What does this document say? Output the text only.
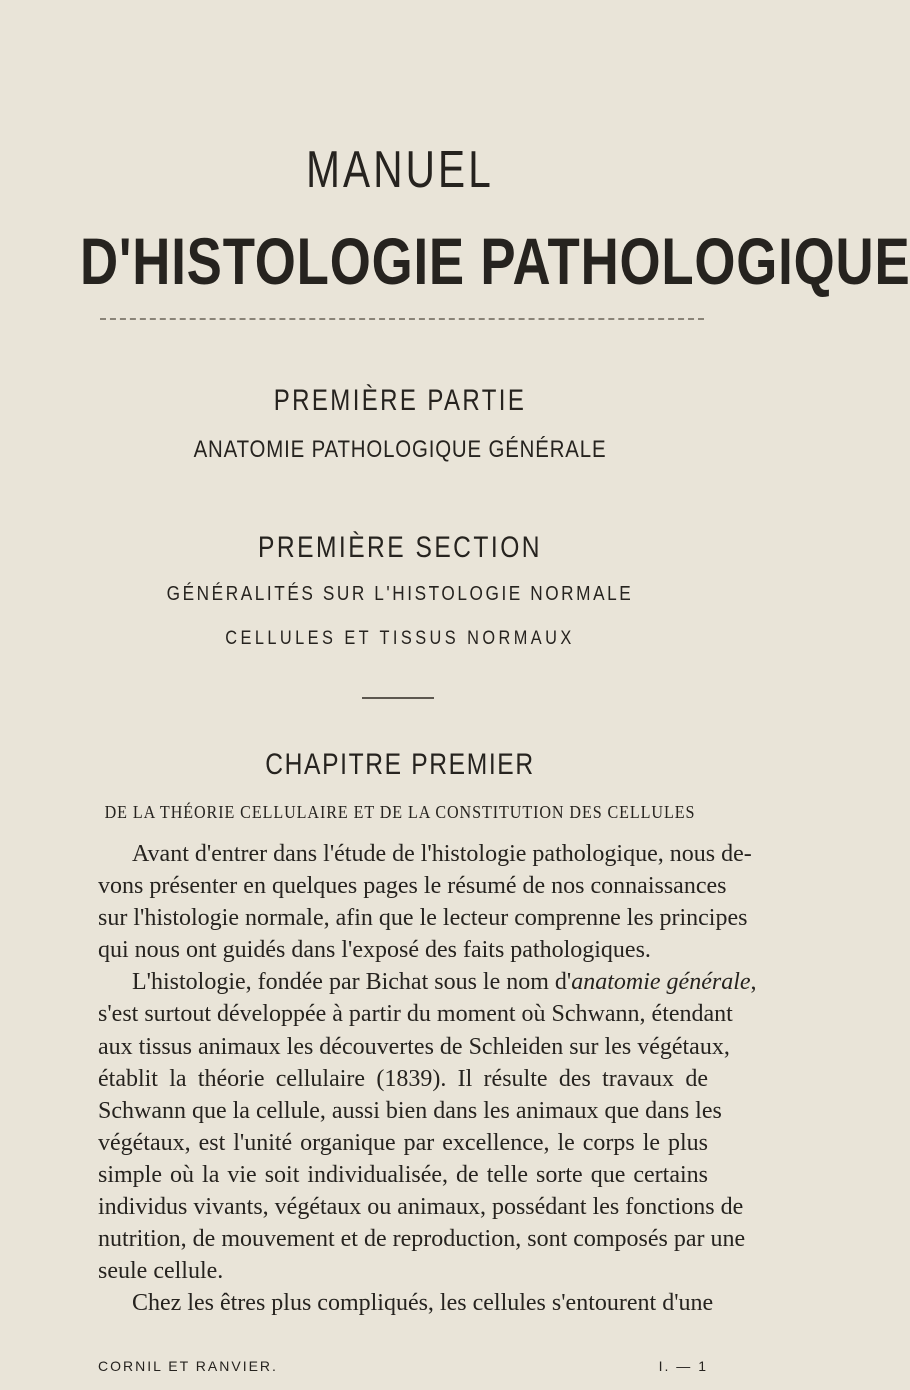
MANUEL
D'HISTOLOGIE PATHOLOGIQUE
PREMIÈRE PARTIE
ANATOMIE PATHOLOGIQUE GÉNÉRALE
PREMIÈRE SECTION
GÉNÉRALITÉS SUR L'HISTOLOGIE NORMALE
CELLULES ET TISSUS NORMAUX
CHAPITRE PREMIER
DE LA THÉORIE CELLULAIRE ET DE LA CONSTITUTION DES CELLULES
Avant d'entrer dans l'étude de l'histologie pathologique, nous de-
vons présenter en quelques pages le résumé de nos connaissances
sur l'histologie normale, afin que le lecteur comprenne les principes
qui nous ont guidés dans l'exposé des faits pathologiques.
L'histologie, fondée par Bichat sous le nom d'anatomie générale,
s'est surtout développée à partir du moment où Schwann, étendant
aux tissus animaux les découvertes de Schleiden sur les végétaux,
établit la théorie cellulaire (1839). Il résulte des travaux de
Schwann que la cellule, aussi bien dans les animaux que dans les
végétaux, est l'unité organique par excellence, le corps le plus
simple où la vie soit individualisée, de telle sorte que certains
individus vivants, végétaux ou animaux, possédant les fonctions de
nutrition, de mouvement et de reproduction, sont composés par une
seule cellule.
Chez les êtres plus compliqués, les cellules s'entourent d'une
CORNIL ET RANVIER.	I. — 1
